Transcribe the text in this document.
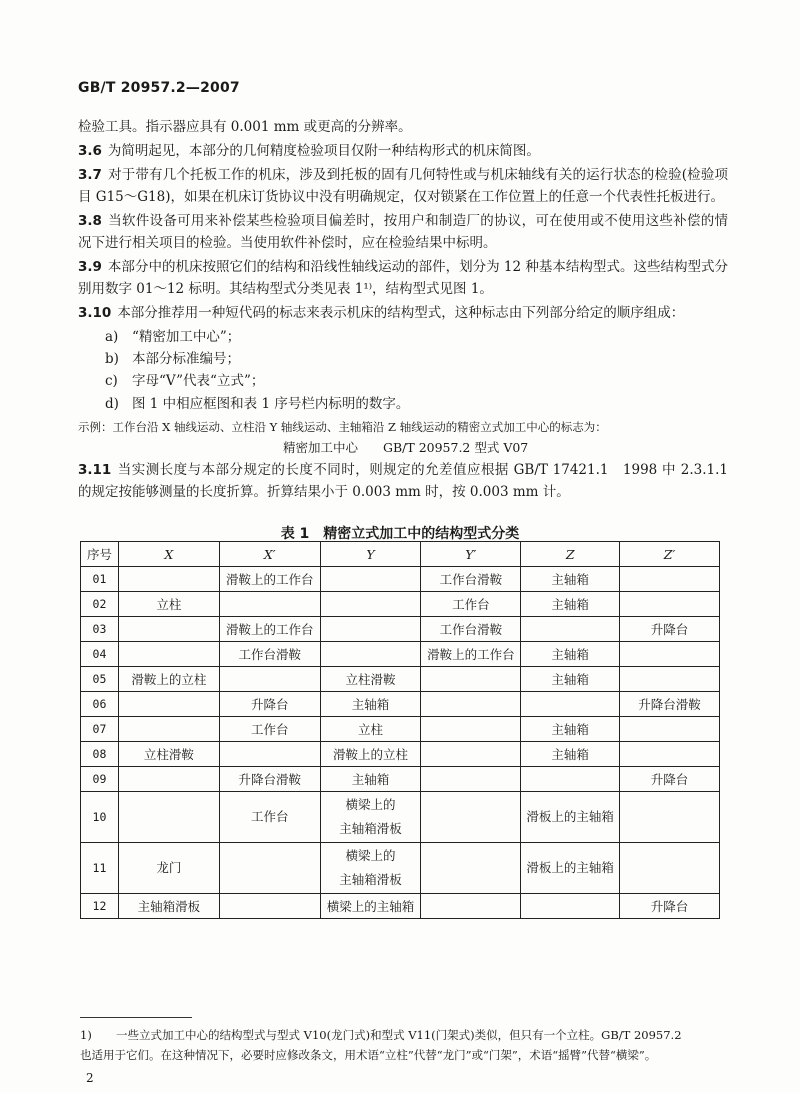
GB/T 20957.2—2007

检验工具。指示器应具有 0.001 mm 或更高的分辨率。

3.6 为简明起见，本部分的几何精度检验项目仅附一种结构形式的机床简图。

3.7 对于带有几个托板工作的机床，涉及到托板的固有几何特性或与机床轴线有关的运行状态的检验(检验项目 G15～G18)，如果在机床订货协议中没有明确规定，仅对锁紧在工作位置上的任意一个代表性托板进行。

3.8 当软件设备可用来补偿某些检验项目偏差时，按用户和制造厂的协议，可在使用或不使用这些补偿的情况下进行相关项目的检验。当使用软件补偿时，应在检验结果中标明。

3.9 本部分中的机床按照它们的结构和沿线性轴线运动的部件，划分为 12 种基本结构型式。这些结构型式分别用数字 01～12 标明。其结构型式分类见表 1¹⁾，结构型式见图 1。

3.10 本部分推荐用一种短代码的标志来表示机床的结构型式，这种标志由下列部分给定的顺序组成：

a) “精密加工中心”；
b) 本部分标准编号；
c) 字母“V”代表“立式”；
d) 图 1 中相应框图和表 1 序号栏内标明的数字。
示例：工作台沿 X 轴线运动、立柱沿 Y 轴线运动、主轴箱沿 Z 轴线运动的精密立式加工中心的标志为：
精密加工中心　　GB/T 20957.2 型式 V07

3.11 当实测长度与本部分规定的长度不同时，则规定的允差值应根据 GB/T 17421.1　1998 中 2.3.1.1 的规定按能够测量的长度折算。折算结果小于 0.003 mm 时，按 0.003 mm 计。

表 1　精密立式加工中的结构型式分类
序号	X	X′	Y	Y′	Z	Z′
01		滑鞍上的工作台		工作台滑鞍	主轴箱	
02	立柱			工作台	主轴箱	
03		滑鞍上的工作台		工作台滑鞍		升降台
04		工作台滑鞍		滑鞍上的工作台	主轴箱	
05	滑鞍上的立柱		立柱滑鞍		主轴箱	
06		升降台	主轴箱			升降台滑鞍
07		工作台	立柱		主轴箱	
08	立柱滑鞍		滑鞍上的立柱		主轴箱	
09		升降台滑鞍	主轴箱			升降台
10		工作台	横梁上的
主轴箱滑板		滑板上的主轴箱	
11	龙门		横梁上的
主轴箱滑板		滑板上的主轴箱	
12	主轴箱滑板		横梁上的主轴箱			升降台
1) 一些立式加工中心的结构型式与型式 V10(龙门式)和型式 V11(门架式)类似，但只有一个立柱。GB/T 20957.2
也适用于它们。在这种情况下，必要时应修改条文，用术语“立柱”代替“龙门”或“门架”，术语“摇臂”代替“横梁”。
2
